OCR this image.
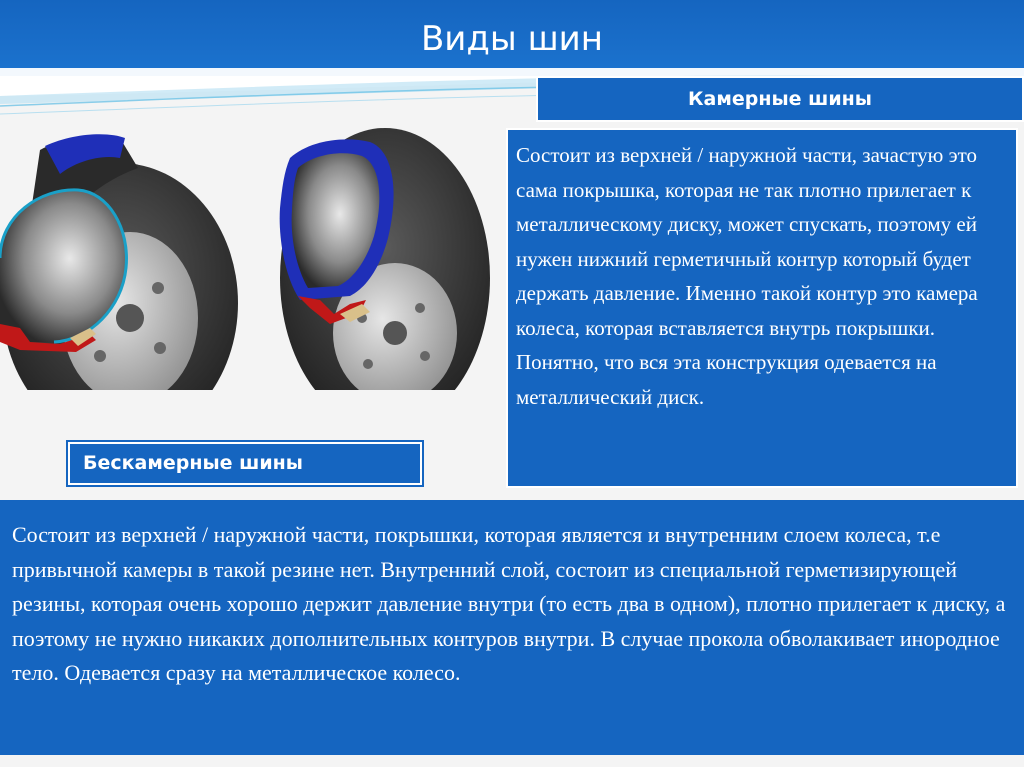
Виды шин
Камерные шины
Состоит из верхней / наружной части, зачастую это сама покрышка, которая не так плотно прилегает к металлическому диску, может спускать, поэтому ей нужен нижний герметичный контур который будет держать давление. Именно такой контур это камера колеса, которая вставляется внутрь покрышки. Понятно, что вся эта конструкция одевается на металлический диск.
Бескамерные шины
Состоит из верхней / наружной части, покрышки, которая является и внутренним слоем колеса, т.е привычной камеры в такой резине нет. Внутренний слой, состоит из специальной герметизирующей резины, которая очень хорошо держит давление внутри (то есть два в одном), плотно прилегает к диску, а поэтому не нужно никаких дополнительных контуров внутри. В случае прокола обволакивает инородное тело. Одевается сразу на металлическое колесо.
